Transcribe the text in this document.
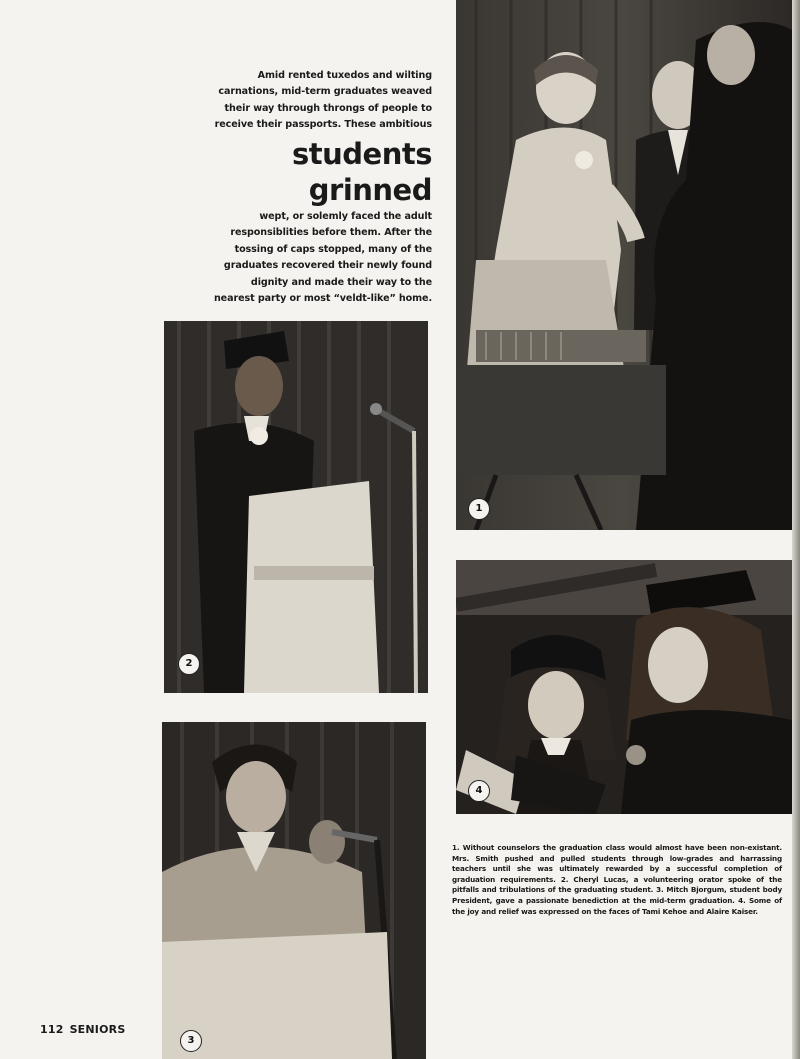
Amid rented tuxedos and wilting carnations, mid-term graduates weaved their way through throngs of people to receive their passports. These ambitious
students
grinned
wept, or solemly faced the adult responsiblities before them. After the tossing of caps stopped, many of the graduates recovered their newly found dignity and made their way to the nearest party or most “veldt-like” home.
1
2
3
4
1. Without counselors the graduation class would almost have been non-existant. Mrs. Smith pushed and pulled students through low-grades and harrassing teachers until she was ultimately rewarded by a successful completion of graduation requirements. 2. Cheryl Lucas, a volunteering orator spoke of the pitfalls and tribulations of the graduating student. 3. Mitch Bjorgum, student body President, gave a passionate benediction at the mid-term graduation. 4. Some of the joy and relief was expressed on the faces of Tami Kehoe and Alaire Kaiser.
112 SENIORS
